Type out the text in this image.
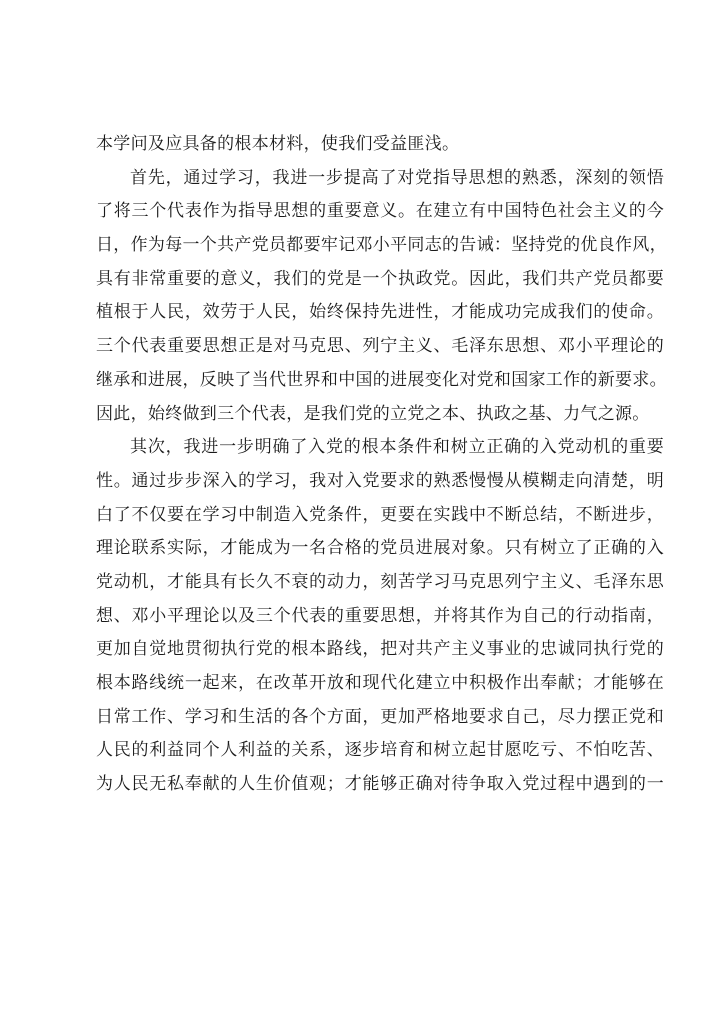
本学问及应具备的根本材料，使我们受益匪浅。
首先，通过学习，我进一步提高了对党指导思想的熟悉，深刻的领悟
了将三个代表作为指导思想的重要意义。在建立有中国特色社会主义的今
日，作为每一个共产党员都要牢记邓小平同志的告诫：坚持党的优良作风，
具有非常重要的意义，我们的党是一个执政党。因此，我们共产党员都要
植根于人民，效劳于人民，始终保持先进性，才能成功完成我们的使命。
三个代表重要思想正是对马克思、列宁主义、毛泽东思想、邓小平理论的
继承和进展，反映了当代世界和中国的进展变化对党和国家工作的新要求。
因此，始终做到三个代表，是我们党的立党之本、执政之基、力气之源。
其次，我进一步明确了入党的根本条件和树立正确的入党动机的重要
性。通过步步深入的学习，我对入党要求的熟悉慢慢从模糊走向清楚，明
白了不仅要在学习中制造入党条件，更要在实践中不断总结，不断进步，
理论联系实际，才能成为一名合格的党员进展对象。只有树立了正确的入
党动机，才能具有长久不衰的动力，刻苦学习马克思列宁主义、毛泽东思
想、邓小平理论以及三个代表的重要思想，并将其作为自己的行动指南，
更加自觉地贯彻执行党的根本路线，把对共产主义事业的忠诚同执行党的
根本路线统一起来，在改革开放和现代化建立中积极作出奉献；才能够在
日常工作、学习和生活的各个方面，更加严格地要求自己，尽力摆正党和
人民的利益同个人利益的关系，逐步培育和树立起甘愿吃亏、不怕吃苦、
为人民无私奉献的人生价值观；才能够正确对待争取入党过程中遇到的一
